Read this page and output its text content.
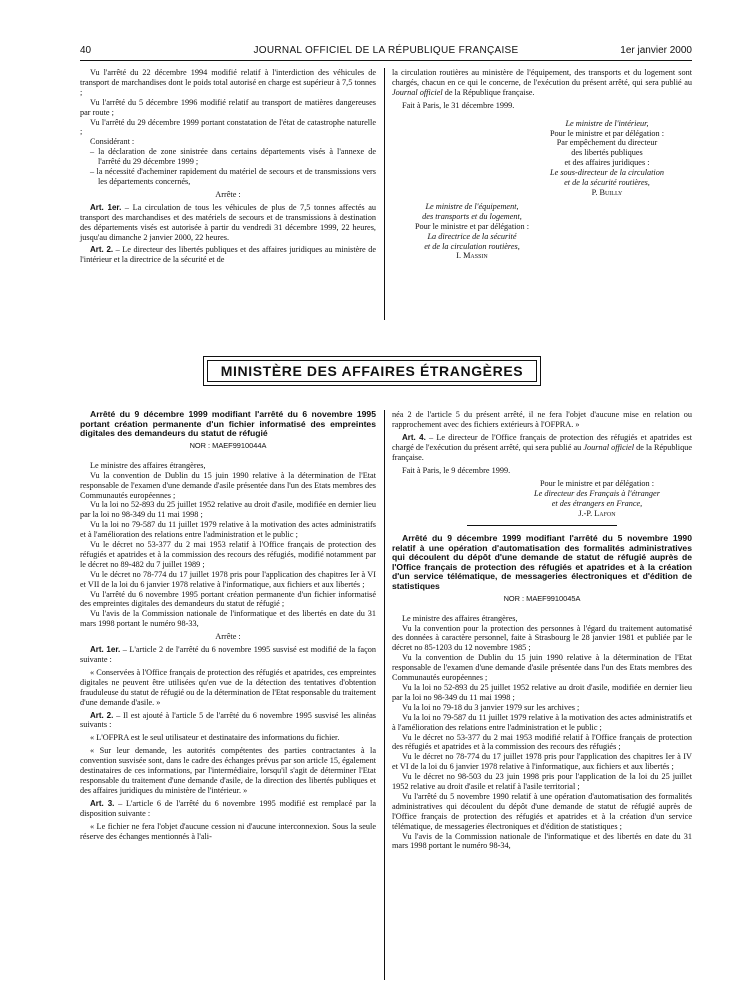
40	JOURNAL OFFICIEL DE LA RÉPUBLIQUE FRANÇAISE	1er janvier 2000

Vu l'arrêté du 22 décembre 1994 modifié relatif à l'interdiction des véhicules de transport de marchandises dont le poids total autorisé en charge est supérieur à 7,5 tonnes ;

Vu l'arrêté du 5 décembre 1996 modifié relatif au transport de matières dangereuses par route ;

Vu l'arrêté du 29 décembre 1999 portant constatation de l'état de catastrophe naturelle ;

Considérant :

– la déclaration de zone sinistrée dans certains départements visés à l'annexe de l'arrêté du 29 décembre 1999 ;

– la nécessité d'acheminer rapidement du matériel de secours et de transmissions vers les départements concernés,

Arrête :

Art. 1er. – La circulation de tous les véhicules de plus de 7,5 tonnes affectés au transport des marchandises et des matériels de secours et de transmissions à destination des départements visés est autorisée à partir du vendredi 31 décembre 1999, 22 heures, jusqu'au dimanche 2 janvier 2000, 22 heures.

Art. 2. – Le directeur des libertés publiques et des affaires juridiques au ministère de l'intérieur et la directrice de la sécurité et de

la circulation routières au ministère de l'équipement, des transports et du logement sont chargés, chacun en ce qui le concerne, de l'exécution du présent arrêté, qui sera publié au Journal officiel de la République française.

Fait à Paris, le 31 décembre 1999.

Le ministre de l'intérieur,

Pour le ministre et par délégation :

Par empêchement du directeur

des libertés publiques

et des affaires juridiques :

Le sous-directeur de la circulation

et de la sécurité routières,

P. Builly

Le ministre de l'équipement,

des transports et du logement,

Pour le ministre et par délégation :

La directrice de la sécurité

et de la circulation routières,

I. Massin

MINISTÈRE DES AFFAIRES ÉTRANGÈRES

Arrêté du 9 décembre 1999 modifiant l'arrêté du 6 novembre 1995 portant création permanente d'un fichier informatisé des empreintes digitales des demandeurs du statut de réfugié

NOR : MAEF9910044A

Le ministre des affaires étrangères,

Vu la convention de Dublin du 15 juin 1990 relative à la détermination de l'Etat responsable de l'examen d'une demande d'asile présentée dans l'un des Etats membres des Communautés européennes ;

Vu la loi no 52-893 du 25 juillet 1952 relative au droit d'asile, modifiée en dernier lieu par la loi no 98-349 du 11 mai 1998 ;

Vu la loi no 79-587 du 11 juillet 1979 relative à la motivation des actes administratifs et à l'amélioration des relations entre l'administration et le public ;

Vu le décret no 53-377 du 2 mai 1953 relatif à l'Office français de protection des réfugiés et apatrides et à la commission des recours des réfugiés, modifié notamment par le décret no 89-482 du 7 juillet 1989 ;

Vu le décret no 78-774 du 17 juillet 1978 pris pour l'application des chapitres Ier à VI et VII de la loi du 6 janvier 1978 relative à l'informatique, aux fichiers et aux libertés ;

Vu l'arrêté du 6 novembre 1995 portant création permanente d'un fichier informatisé des empreintes digitales des demandeurs du statut de réfugié ;

Vu l'avis de la Commission nationale de l'informatique et des libertés en date du 31 mars 1998 portant le numéro 98-33,

Arrête :

Art. 1er. – L'article 2 de l'arrêté du 6 novembre 1995 susvisé est modifié de la façon suivante :

« Conservées à l'Office français de protection des réfugiés et apatrides, ces empreintes digitales ne peuvent être utilisées qu'en vue de la détection des tentatives d'obtention frauduleuse du statut de réfugié ou de la détermination de l'Etat responsable du traitement d'une demande d'asile. »

Art. 2. – Il est ajouté à l'article 5 de l'arrêté du 6 novembre 1995 susvisé les alinéas suivants :

« L'OFPRA est le seul utilisateur et destinataire des informations du fichier.

« Sur leur demande, les autorités compétentes des parties contractantes à la convention susvisée sont, dans le cadre des échanges prévus par son article 15, également destinataires de ces informations, par l'intermédiaire, lorsqu'il s'agit de déterminer l'Etat responsable du traitement d'une demande d'asile, de la direction des libertés publiques et des affaires juridiques du ministère de l'intérieur. »

Art. 3. – L'article 6 de l'arrêté du 6 novembre 1995 modifié est remplacé par la disposition suivante :

« Le fichier ne fera l'objet d'aucune cession ni d'aucune interconnexion. Sous la seule réserve des échanges mentionnés à l'ali-

néa 2 de l'article 5 du présent arrêté, il ne fera l'objet d'aucune mise en relation ou rapprochement avec des fichiers extérieurs à l'OFPRA. »

Art. 4. – Le directeur de l'Office français de protection des réfugiés et apatrides est chargé de l'exécution du présent arrêté, qui sera publié au Journal officiel de la République française.

Fait à Paris, le 9 décembre 1999.

Pour le ministre et par délégation :

Le directeur des Français à l'étranger

et des étrangers en France,

J.-P. Lafon

Arrêté du 9 décembre 1999 modifiant l'arrêté du 5 novembre 1990 relatif à une opération d'automatisation des formalités administratives qui découlent du dépôt d'une demande de statut de réfugié auprès de l'Office français de protection des réfugiés et apatrides et à la création d'un service télématique, de messageries électroniques et d'édition de statistiques

NOR : MAEF9910045A

Le ministre des affaires étrangères,

Vu la convention pour la protection des personnes à l'égard du traitement automatisé des données à caractère personnel, faite à Strasbourg le 28 janvier 1981 et publiée par le décret no 85-1203 du 12 novembre 1985 ;

Vu la convention de Dublin du 15 juin 1990 relative à la détermination de l'Etat responsable de l'examen d'une demande d'asile présentée dans l'un des Etats membres des Communautés européennes ;

Vu la loi no 52-893 du 25 juillet 1952 relative au droit d'asile, modifiée en dernier lieu par la loi no 98-349 du 11 mai 1998 ;

Vu la loi no 79-18 du 3 janvier 1979 sur les archives ;

Vu la loi no 79-587 du 11 juillet 1979 relative à la motivation des actes administratifs et à l'amélioration des relations entre l'administration et le public ;

Vu le décret no 53-377 du 2 mai 1953 modifié relatif à l'Office français de protection des réfugiés et apatrides et à la commission des recours des réfugiés ;

Vu le décret no 78-774 du 17 juillet 1978 pris pour l'application des chapitres Ier à IV et VI de la loi du 6 janvier 1978 relative à l'informatique, aux fichiers et aux libertés ;

Vu le décret no 98-503 du 23 juin 1998 pris pour l'application de la loi du 25 juillet 1952 relative au droit d'asile et relatif à l'asile territorial ;

Vu l'arrêté du 5 novembre 1990 relatif à une opération d'automatisation des formalités administratives qui découlent du dépôt d'une demande de statut de réfugié auprès de l'Office français de protection des réfugiés et apatrides et à la création d'un service télématique, de messageries électroniques et d'édition de statistiques ;

Vu l'avis de la Commission nationale de l'informatique et des libertés en date du 31 mars 1998 portant le numéro 98-34,
